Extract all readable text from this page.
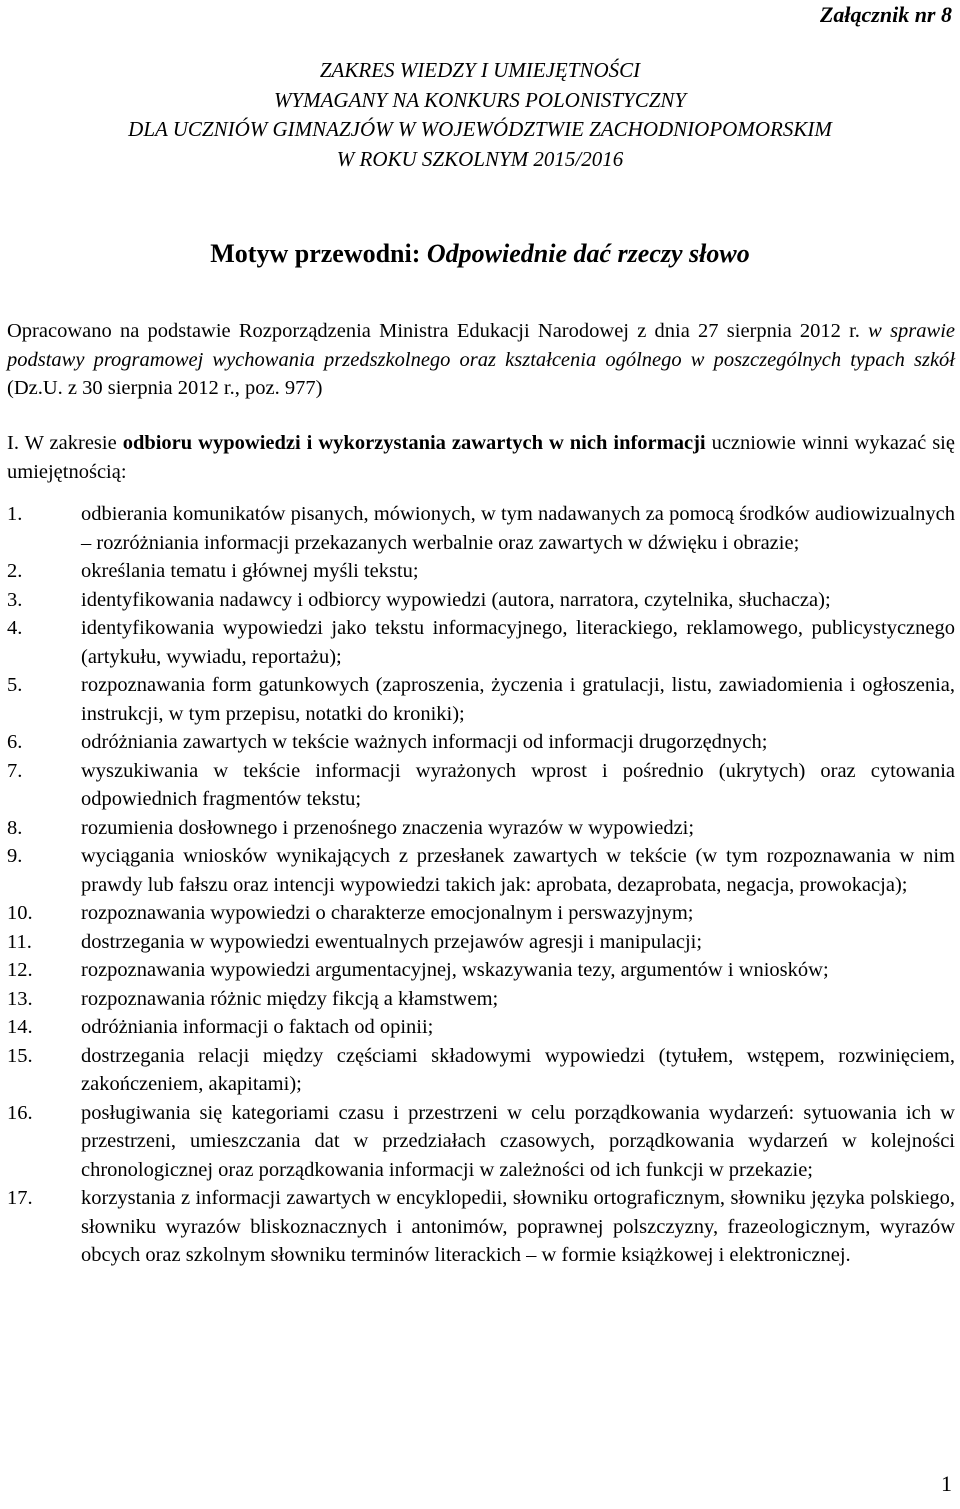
Załącznik nr 8
ZAKRES WIEDZY I UMIEJĘTNOŚCI
WYMAGANY NA KONKURS POLONISTYCZNY
DLA UCZNIÓW GIMNAZJÓW W WOJEWÓDZTWIE ZACHODNIOPOMORSKIM
W ROKU SZKOLNYM 2015/2016
Motyw przewodni: Odpowiednie dać rzeczy słowo
Opracowano na podstawie Rozporządzenia Ministra Edukacji Narodowej z dnia 27 sierpnia 2012 r. w sprawie podstawy programowej wychowania przedszkolnego oraz kształcenia ogólnego w poszczególnych typach szkół (Dz.U. z 30 sierpnia 2012 r., poz. 977)
I. W zakresie odbioru wypowiedzi i wykorzystania zawartych w nich informacji uczniowie winni wykazać się umiejętnością:
1.	odbierania komunikatów pisanych, mówionych, w tym nadawanych za pomocą środków audiowizualnych – rozróżniania informacji przekazanych werbalnie oraz zawartych w dźwięku i obrazie;
2.	określania tematu i głównej myśli tekstu;
3.	identyfikowania nadawcy i odbiorcy wypowiedzi (autora, narratora, czytelnika, słuchacza);
4.	identyfikowania wypowiedzi jako tekstu informacyjnego, literackiego, reklamowego, publicystycznego (artykułu, wywiadu, reportażu);
5.	rozpoznawania form gatunkowych (zaproszenia, życzenia i gratulacji, listu, zawiadomienia i ogłoszenia, instrukcji, w tym przepisu, notatki do kroniki);
6.	odróżniania zawartych w tekście ważnych informacji od informacji drugorzędnych;
7.	wyszukiwania w tekście informacji wyrażonych wprost i pośrednio (ukrytych) oraz cytowania odpowiednich fragmentów tekstu;
8.	rozumienia dosłownego i przenośnego znaczenia wyrazów w wypowiedzi;
9.	wyciągania wniosków wynikających z przesłanek zawartych w tekście (w tym rozpoznawania w nim prawdy lub fałszu oraz intencji wypowiedzi takich jak: aprobata, dezaprobata, negacja, prowokacja);
10. rozpoznawania wypowiedzi o charakterze emocjonalnym i perswazyjnym;
11. dostrzegania w wypowiedzi ewentualnych przejawów agresji i manipulacji;
12. rozpoznawania wypowiedzi argumentacyjnej, wskazywania tezy, argumentów i wniosków;
13. rozpoznawania różnic między fikcją a kłamstwem;
14. odróżniania informacji o faktach od opinii;
15. dostrzegania relacji między częściami składowymi wypowiedzi (tytułem, wstępem, rozwinięciem, zakończeniem, akapitami);
16. posługiwania się kategoriami czasu i przestrzeni w celu porządkowania wydarzeń: sytuowania ich w przestrzeni, umieszczania dat w przedziałach czasowych, porządkowania wydarzeń w kolejności chronologicznej oraz porządkowania informacji w zależności od ich funkcji w przekazie;
17. korzystania z informacji zawartych w encyklopedii, słowniku ortograficznym, słowniku języka polskiego, słowniku wyrazów bliskoznacznych i antonimów, poprawnej polszczyzny, frazeologicznym, wyrazów obcych oraz szkolnym słowniku terminów literackich – w formie książkowej i elektronicznej.
1
